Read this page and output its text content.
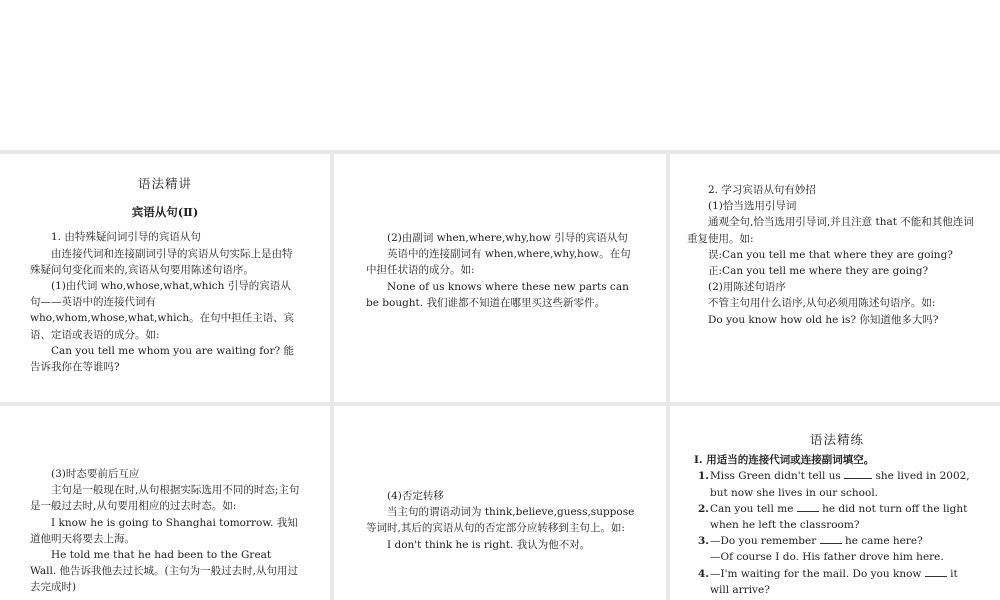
语法精讲
宾语从句(Ⅱ)

1. 由特殊疑问词引导的宾语从句

由连接代词和连接副词引导的宾语从句实际上是由特殊疑问句变化而来的,宾语从句要用陈述句语序。

(1)由代词 who,whose,what,which 引导的宾语从句——英语中的连接代词有 who,whom,whose,what,which。在句中担任主语、宾语、定语或表语的成分。如:

Can you tell me whom you are waiting for? 能告诉我你在等谁吗?

(2)由副词 when,where,why,how 引导的宾语从句

英语中的连接副词有 when,where,why,how。在句中担任状语的成分。如:

None of us knows where these new parts can be bought. 我们谁都不知道在哪里买这些新零件。

2. 学习宾语从句有妙招

(1)恰当选用引导词

通观全句,恰当选用引导词,并且注意 that 不能和其他连词重复使用。如:

误:Can you tell me that where they are going?

正:Can you tell me where they are going?

(2)用陈述句语序

不管主句用什么语序,从句必须用陈述句语序。如:

Do you know how old he is? 你知道他多大吗?

(3)时态要前后互应

主句是一般现在时,从句根据实际选用不同的时态;主句是一般过去时,从句要用相应的过去时态。如:

I know he is going to Shanghai tomorrow. 我知道他明天将要去上海。

He told me that he had been to the Great Wall. 他告诉我他去过长城。(主句为一般过去时,从句用过去完成时)

(4)否定转移

当主句的谓语动词为 think,believe,guess,suppose 等词时,其后的宾语从句的否定部分应转移到主句上。如:

I don't think he is right. 我认为他不对。

语法精练

Ⅰ. 用适当的连接代词或连接副词填空。

1. Miss Green didn't tell us	she lived in 2002, but now she lives in our school.
2. Can you tell me	he did not turn off the light when he left the classroom?
3. —Do you remember	he came here?
—Of course I do. His father drove him here.
4. —I'm waiting for the mail. Do you know	it will arrive?
